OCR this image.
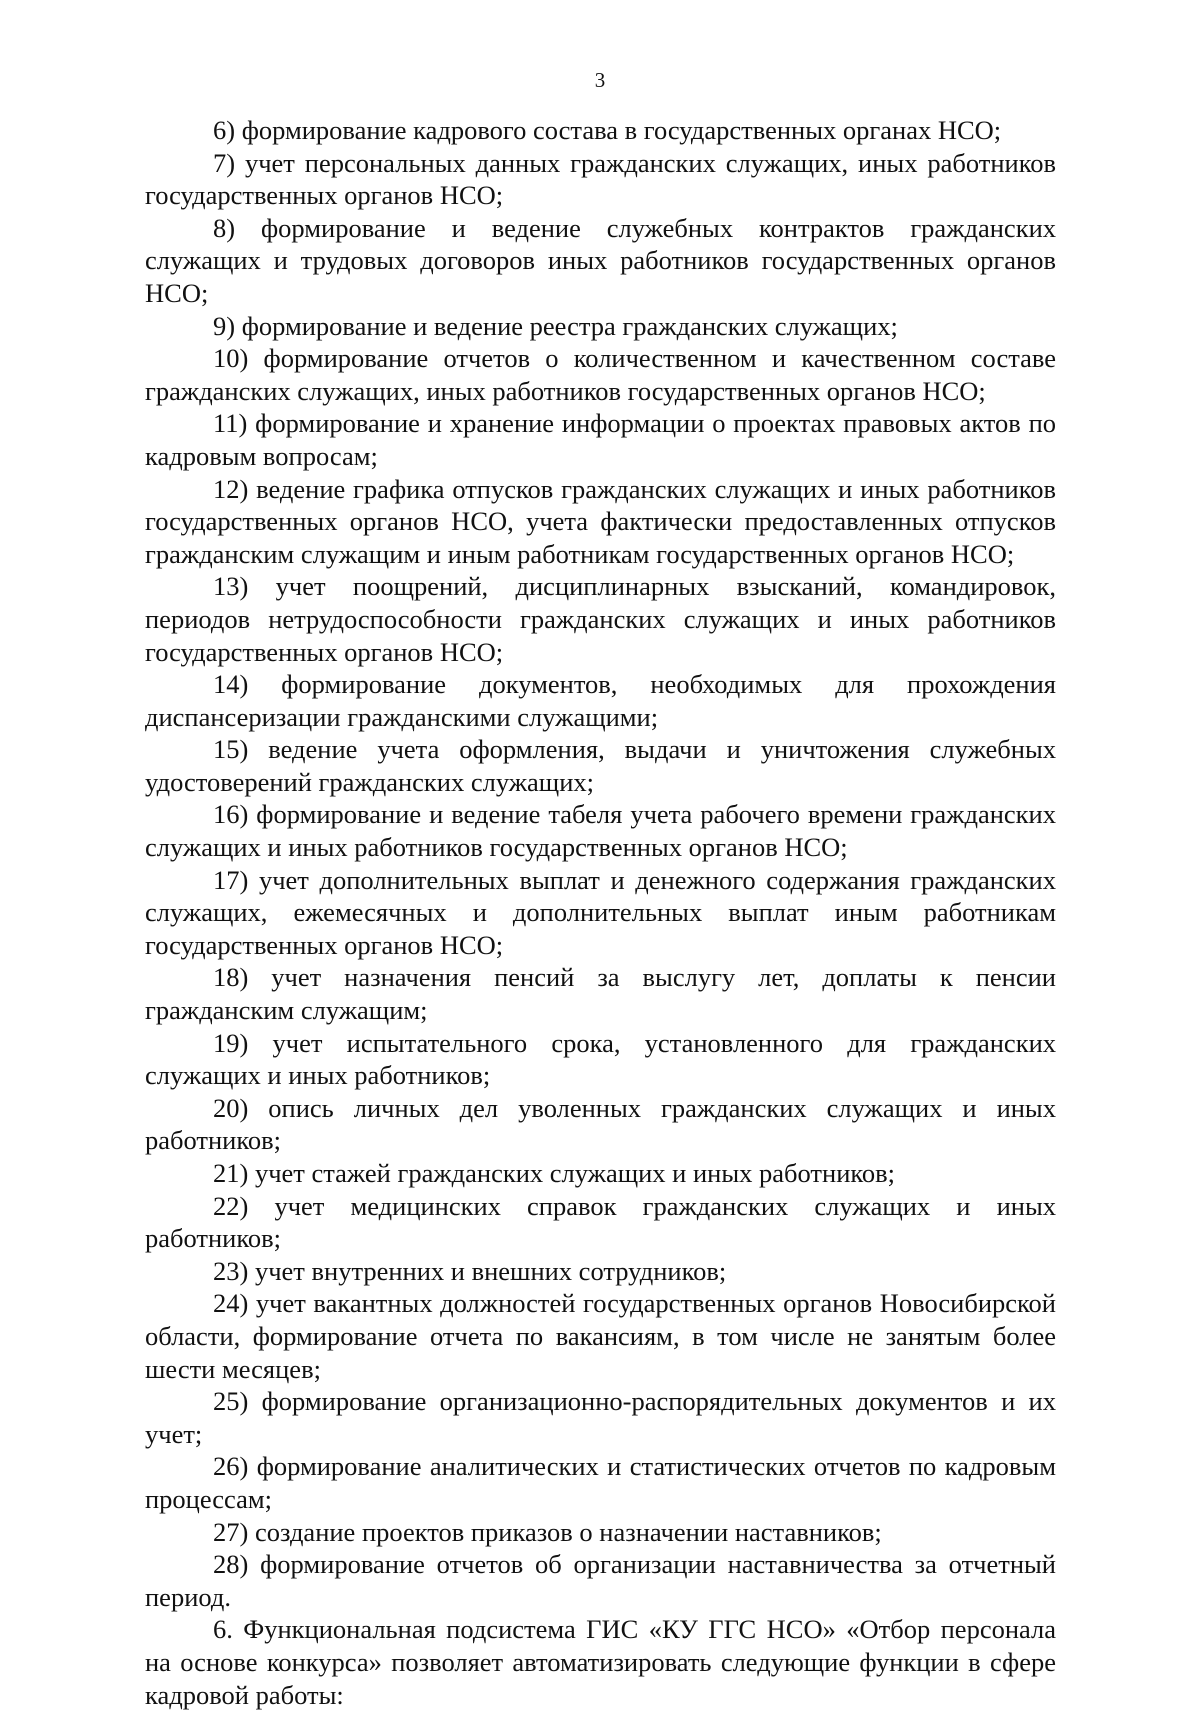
3

6) формирование кадрового состава в государственных органах НСО;

7) учет персональных данных гражданских служащих, иных работников государственных органов НСО;

8) формирование и ведение служебных контрактов гражданских служащих и трудовых договоров иных работников государственных органов НСО;

9) формирование и ведение реестра гражданских служащих;

10) формирование отчетов о количественном и качественном составе гражданских служащих, иных работников государственных органов НСО;

11) формирование и хранение информации о проектах правовых актов по кадровым вопросам;

12) ведение графика отпусков гражданских служащих и иных работников государственных органов НСО, учета фактически предоставленных отпусков гражданским служащим и иным работникам государственных органов НСО;

13) учет поощрений, дисциплинарных взысканий, командировок, периодов нетрудоспособности гражданских служащих и иных работников государственных органов НСО;

14) формирование документов, необходимых для прохождения диспансеризации гражданскими служащими;

15) ведение учета оформления, выдачи и уничтожения служебных удостоверений гражданских служащих;

16) формирование и ведение табеля учета рабочего времени гражданских служащих и иных работников государственных органов НСО;

17) учет дополнительных выплат и денежного содержания гражданских служащих, ежемесячных и дополнительных выплат иным работникам государственных органов НСО;

18) учет назначения пенсий за выслугу лет, доплаты к пенсии гражданским служащим;

19) учет испытательного срока, установленного для гражданских служащих и иных работников;

20) опись личных дел уволенных гражданских служащих и иных работников;

21) учет стажей гражданских служащих и иных работников;

22) учет медицинских справок гражданских служащих и иных работников;

23) учет внутренних и внешних сотрудников;

24) учет вакантных должностей государственных органов Новосибирской области, формирование отчета по вакансиям, в том числе не занятым более шести месяцев;

25) формирование организационно-распорядительных документов и их учет;

26) формирование аналитических и статистических отчетов по кадровым процессам;

27) создание проектов приказов о назначении наставников;

28) формирование отчетов об организации наставничества за отчетный период.

6. Функциональная подсистема ГИС «КУ ГГС НСО» «Отбор персонала на основе конкурса» позволяет автоматизировать следующие функции в сфере кадровой работы:
